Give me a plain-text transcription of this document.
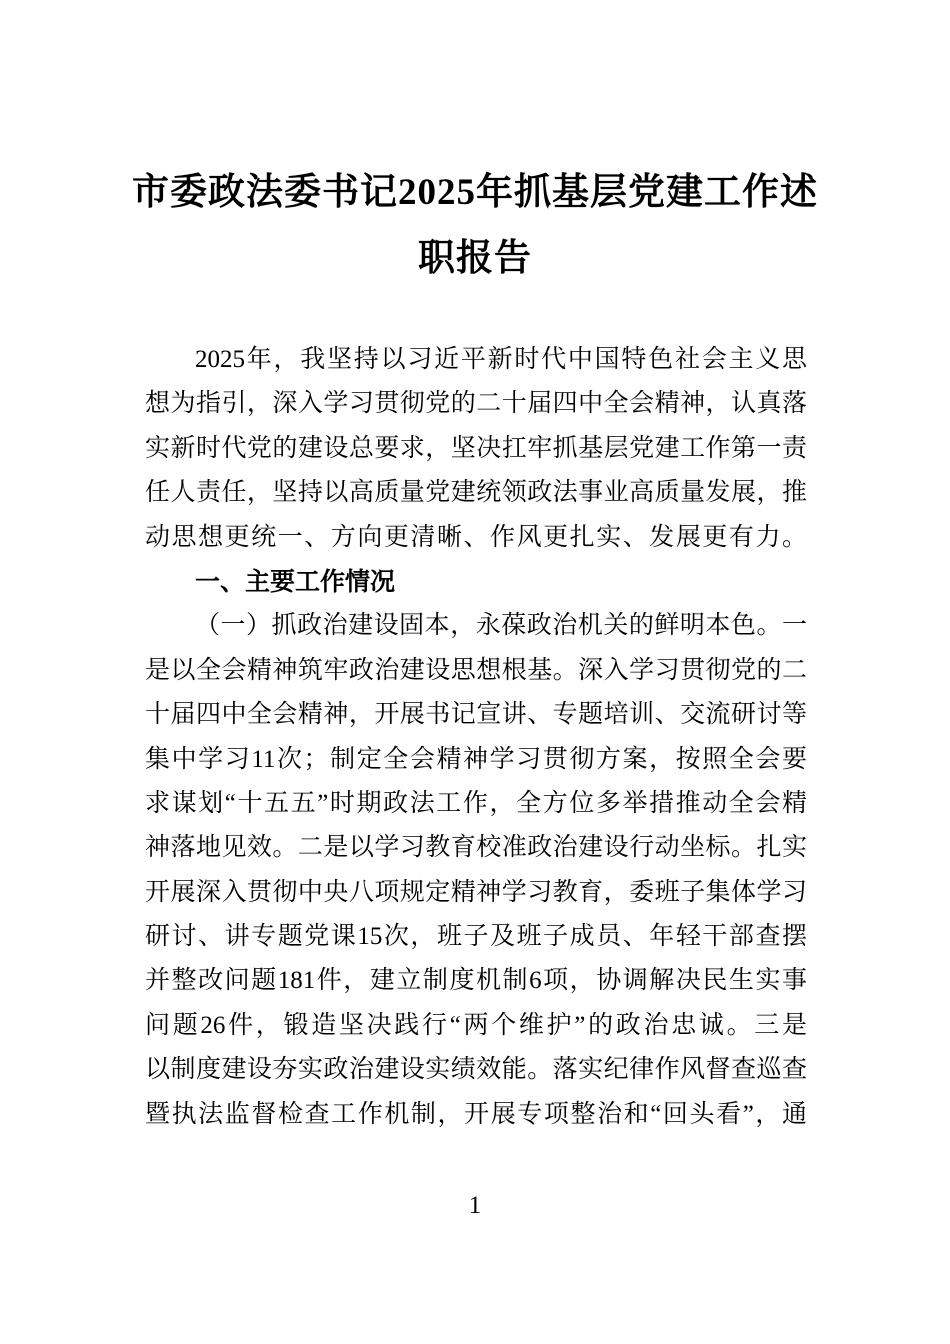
市委政法委书记2025年抓基层党建工作述
职报告
2025年，我坚持以习近平新时代中国特色社会主义思
想为指引，深入学习贯彻党的二十届四中全会精神，认真落
实新时代党的建设总要求，坚决扛牢抓基层党建工作第一责
任人责任，坚持以高质量党建统领政法事业高质量发展，推
动思想更统一、方向更清晰、作风更扎实、发展更有力。
一、主要工作情况
（一）抓政治建设固本，永葆政治机关的鲜明本色。一
是以全会精神筑牢政治建设思想根基。深入学习贯彻党的二
十届四中全会精神，开展书记宣讲、专题培训、交流研讨等
集中学习11次；制定全会精神学习贯彻方案，按照全会要
求谋划“十五五”时期政法工作，全方位多举措推动全会精
神落地见效。二是以学习教育校准政治建设行动坐标。扎实
开展深入贯彻中央八项规定精神学习教育，委班子集体学习
研讨、讲专题党课15次，班子及班子成员、年轻干部查摆
并整改问题181件，建立制度机制6项，协调解决民生实事
问题26件，锻造坚决践行“两个维护”的政治忠诚。三是
以制度建设夯实政治建设实绩效能。落实纪律作风督查巡查
暨执法监督检查工作机制，开展专项整治和“回头看”，通
1
